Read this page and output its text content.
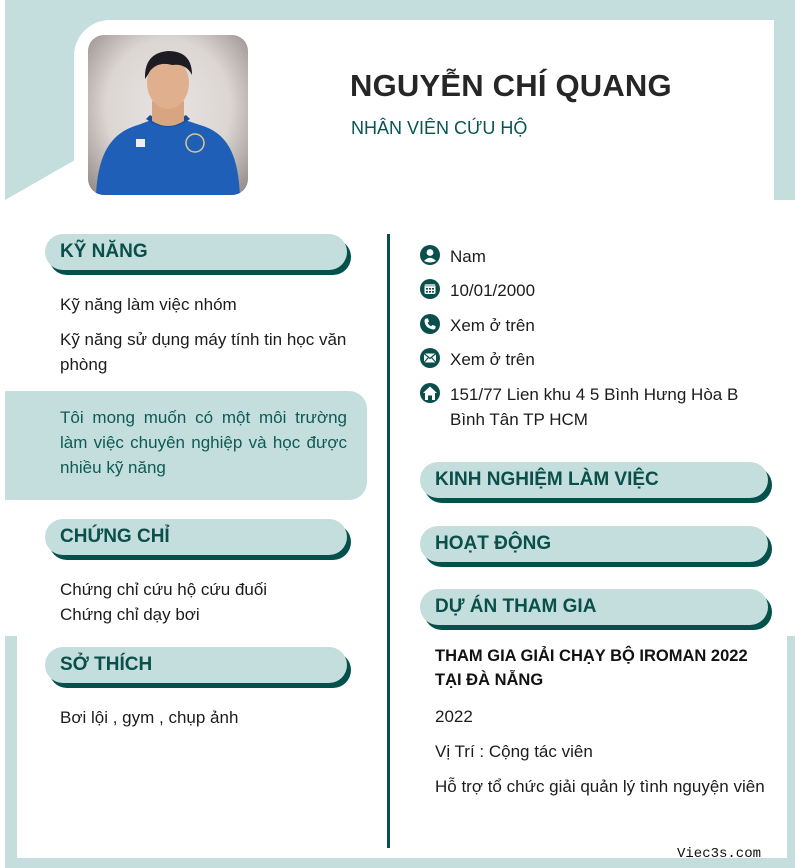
NGUYỄN CHÍ QUANG
NHÂN VIÊN CỨU HỘ
KỸ NĂNG
Kỹ năng làm việc nhóm
Kỹ năng sử dụng máy tính tin học văn phòng
Tôi mong muốn có một môi trường làm việc chuyên nghiệp và học được nhiều kỹ năng
CHỨNG CHỈ
Chứng chỉ cứu hộ cứu đuối
Chứng chỉ dạy bơi
SỞ THÍCH
Bơi lội , gym , chụp ảnh
Nam
10/01/2000
Xem ở trên
Xem ở trên
151/77 Lien khu 4 5 Bình Hưng Hòa B Bình Tân TP HCM
KINH NGHIỆM LÀM VIỆC
HOẠT ĐỘNG
DỰ ÁN THAM GIA
THAM GIA GIẢI CHẠY BỘ IROMAN 2022 TẠI ĐÀ NẴNG
2022
Vị Trí : Cộng tác viên
Hỗ trợ tổ chức giải quản lý tình nguyện viên
Viec3s.com
